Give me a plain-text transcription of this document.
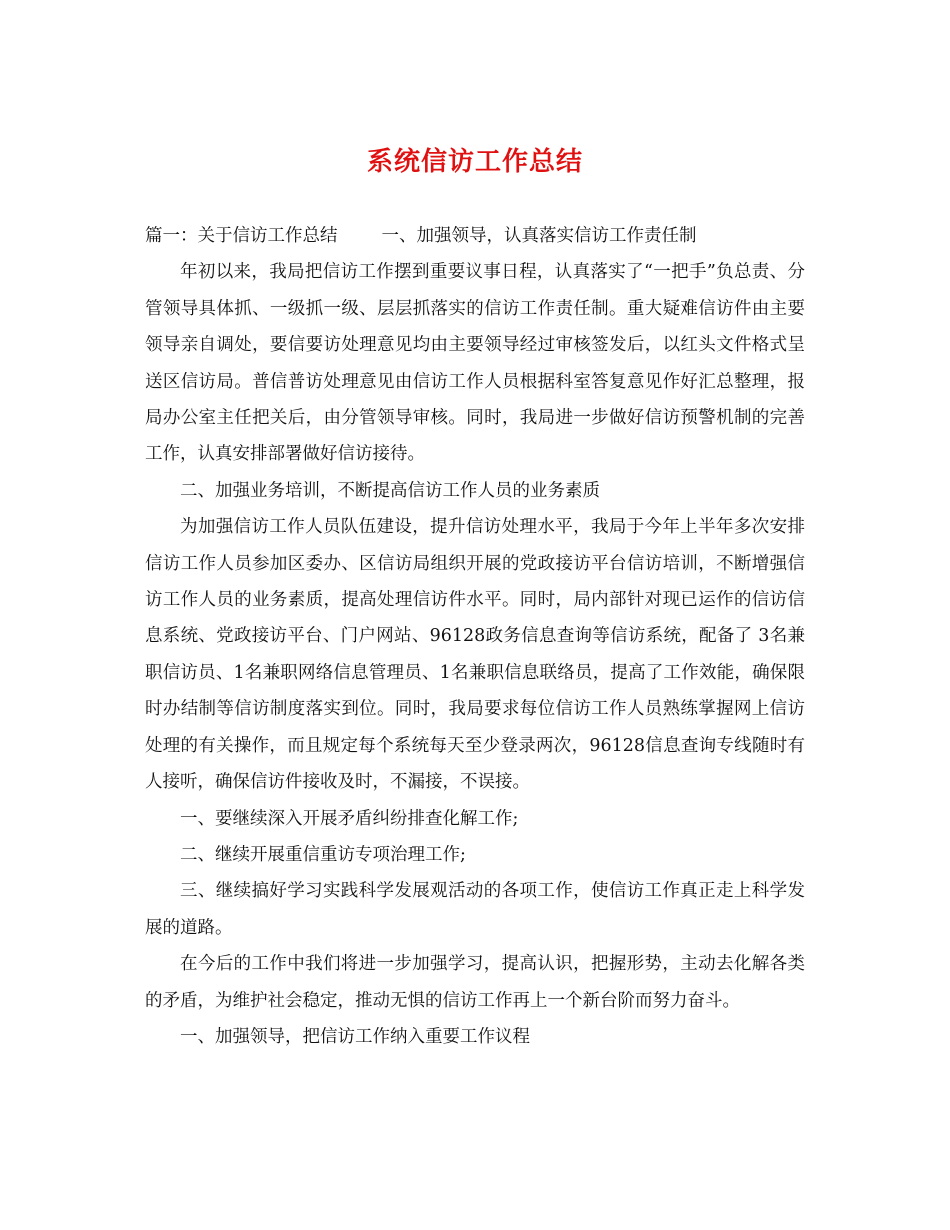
系统信访工作总结

篇一：关于信访工作总结	一、加强领导，认真落实信访工作责任制

年初以来，我局把信访工作摆到重要议事日程，认真落实了“一把手”负总责、分管领导具体抓、一级抓一级、层层抓落实的信访工作责任制。重大疑难信访件由主要领导亲自调处，要信要访处理意见均由主要领导经过审核签发后，以红头文件格式呈送区信访局。普信普访处理意见由信访工作人员根据科室答复意见作好汇总整理，报局办公室主任把关后，由分管领导审核。同时，我局进一步做好信访预警机制的完善工作，认真安排部署做好信访接待。

二、加强业务培训，不断提高信访工作人员的业务素质

为加强信访工作人员队伍建设，提升信访处理水平，我局于今年上半年多次安排信访工作人员参加区委办、区信访局组织开展的党政接访平台信访培训，不断增强信访工作人员的业务素质，提高处理信访件水平。同时，局内部针对现已运作的信访信息系统、党政接访平台、门户网站、96128政务信息查询等信访系统，配备了 3名兼职信访员、1名兼职网络信息管理员、1名兼职信息联络员，提高了工作效能，确保限时办结制等信访制度落实到位。同时，我局要求每位信访工作人员熟练掌握网上信访处理的有关操作，而且规定每个系统每天至少登录两次，96128信息查询专线随时有人接听，确保信访件接收及时，不漏接，不误接。

一、要继续深入开展矛盾纠纷排查化解工作;

二、继续开展重信重访专项治理工作;

三、继续搞好学习实践科学发展观活动的各项工作，使信访工作真正走上科学发展的道路。

在今后的工作中我们将进一步加强学习，提高认识，把握形势，主动去化解各类的矛盾，为维护社会稳定，推动无惧的信访工作再上一个新台阶而努力奋斗。

一、加强领导，把信访工作纳入重要工作议程
